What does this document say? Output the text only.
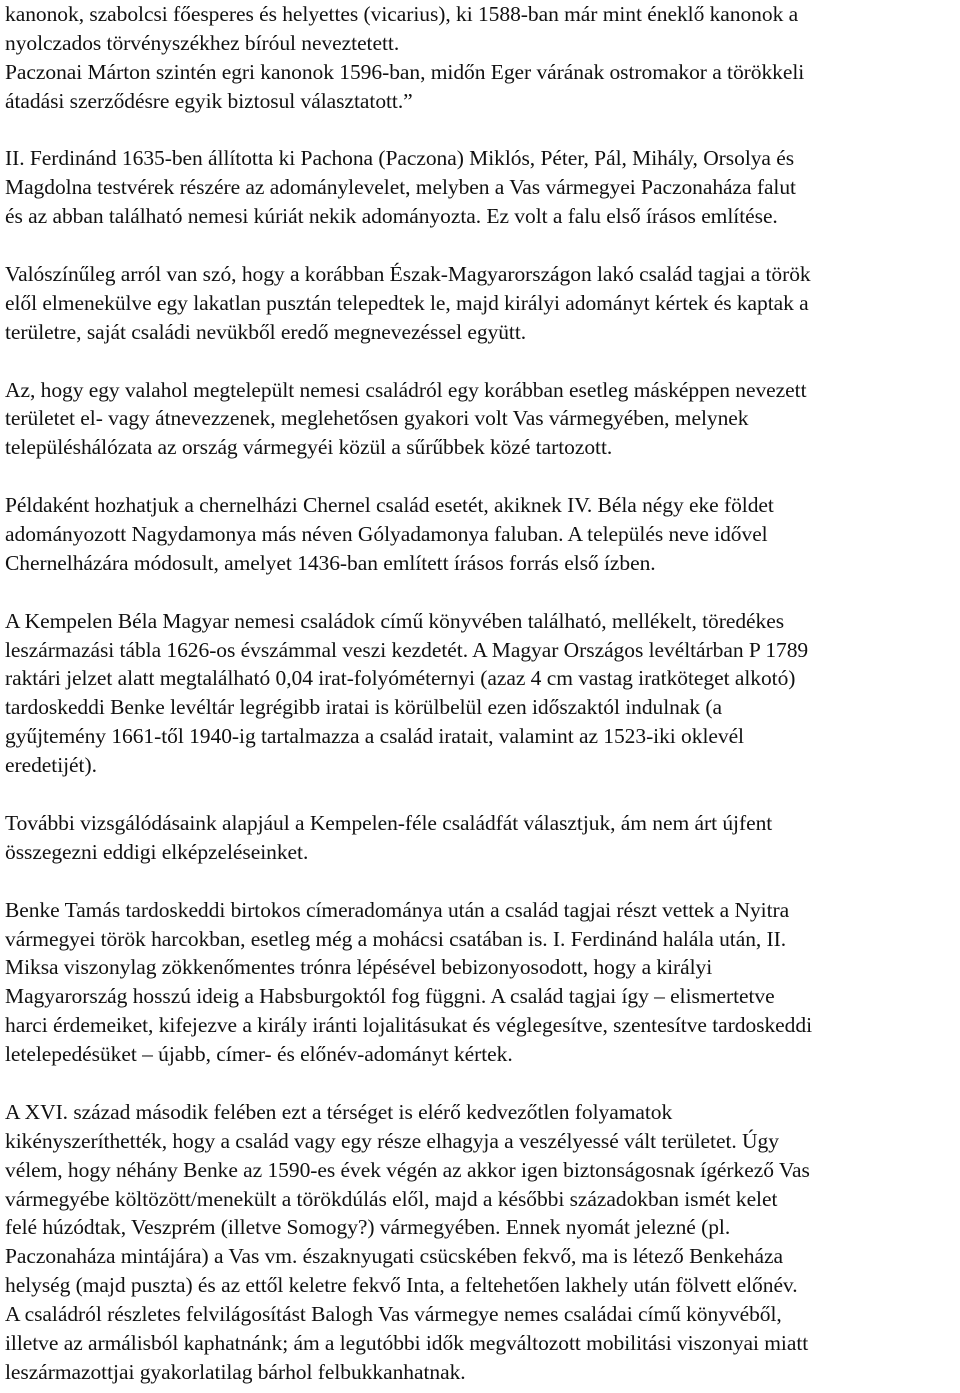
kanonok, szabolcsi főesperes és helyettes (vicarius), ki 1588-ban már mint éneklő kanonok a
nyolczados törvényszékhez bíróul neveztetett.
Paczonai Márton szintén egri kanonok 1596-ban, midőn Eger várának ostromakor a törökkeli
átadási szerződésre egyik biztosul választatott.”
II. Ferdinánd 1635-ben állította ki Pachona (Paczona) Miklós, Péter, Pál, Mihály, Orsolya és
Magdolna testvérek részére az adománylevelet, melyben a Vas vármegyei Paczonaháza falut
és az abban található nemesi kúriát nekik adományozta. Ez volt a falu első írásos említése.
Valószínűleg arról van szó, hogy a korábban Észak-Magyarországon lakó család tagjai a török
elől elmenekülve egy lakatlan pusztán telepedtek le, majd királyi adományt kértek és kaptak a
területre, saját családi nevükből eredő megnevezéssel együtt.
Az, hogy egy valahol megtelepült nemesi családról egy korábban esetleg másképpen nevezett
területet el- vagy átnevezzenek, meglehetősen gyakori volt Vas vármegyében, melynek
településhálózata az ország vármegyéi közül a sűrűbbek közé tartozott.
Példaként hozhatjuk a chernelházi Chernel család esetét, akiknek IV. Béla négy eke földet
adományozott Nagydamonya más néven Gólyadamonya faluban. A település neve idővel
Chernelházára módosult, amelyet 1436-ban említett írásos forrás első ízben.
A Kempelen Béla Magyar nemesi családok című könyvében található, mellékelt, töredékes
leszármazási tábla 1626-os évszámmal veszi kezdetét. A Magyar Országos levéltárban P 1789
raktári jelzet alatt megtalálható 0,04 irat-folyóméternyi (azaz 4 cm vastag iratköteget alkotó)
tardoskeddi Benke levéltár legrégibb iratai is körülbelül ezen időszaktól indulnak (a
gyűjtemény 1661-től 1940-ig tartalmazza a család iratait, valamint az 1523-iki oklevél
eredetijét).
További vizsgálódásaink alapjául a Kempelen-féle családfát választjuk, ám nem árt újfent
összegezni eddigi elképzeléseinket.
Benke Tamás tardoskeddi birtokos címeradománya után a család tagjai részt vettek a Nyitra
vármegyei török harcokban, esetleg még a mohácsi csatában is. I. Ferdinánd halála után, II.
Miksa viszonylag zökkenőmentes trónra lépésével bebizonyosodott, hogy a királyi
Magyarország hosszú ideig a Habsburgoktól fog függni. A család tagjai így – elismertetve
harci érdemeiket, kifejezve a király iránti lojalitásukat és véglegesítve, szentesítve tardoskeddi
letelepedésüket – újabb, címer- és előnév-adományt kértek.
A XVI. század második felében ezt a térséget is elérő kedvezőtlen folyamatok
kikényszeríthették, hogy a család vagy egy része elhagyja a veszélyessé vált területet. Úgy
vélem, hogy néhány Benke az 1590-es évek végén az akkor igen biztonságosnak ígérkező Vas
vármegyébe költözött/menekült a törökdúlás elől, majd a későbbi századokban ismét kelet
felé húzódtak, Veszprém (illetve Somogy?) vármegyében. Ennek nyomát jelezné (pl.
Paczonaháza mintájára) a Vas vm. északnyugati csücskében fekvő, ma is létező Benkeháza
helység (majd puszta) és az ettől keletre fekvő Inta, a feltehetően lakhely után fölvett előnév.
A családról részletes felvilágosítást Balogh Vas vármegye nemes családai című könyvéből,
illetve az armálisból kaphatnánk; ám a legutóbbi idők megváltozott mobilitási viszonyai miatt
leszármazottjai gyakorlatilag bárhol felbukkanhatnak.
